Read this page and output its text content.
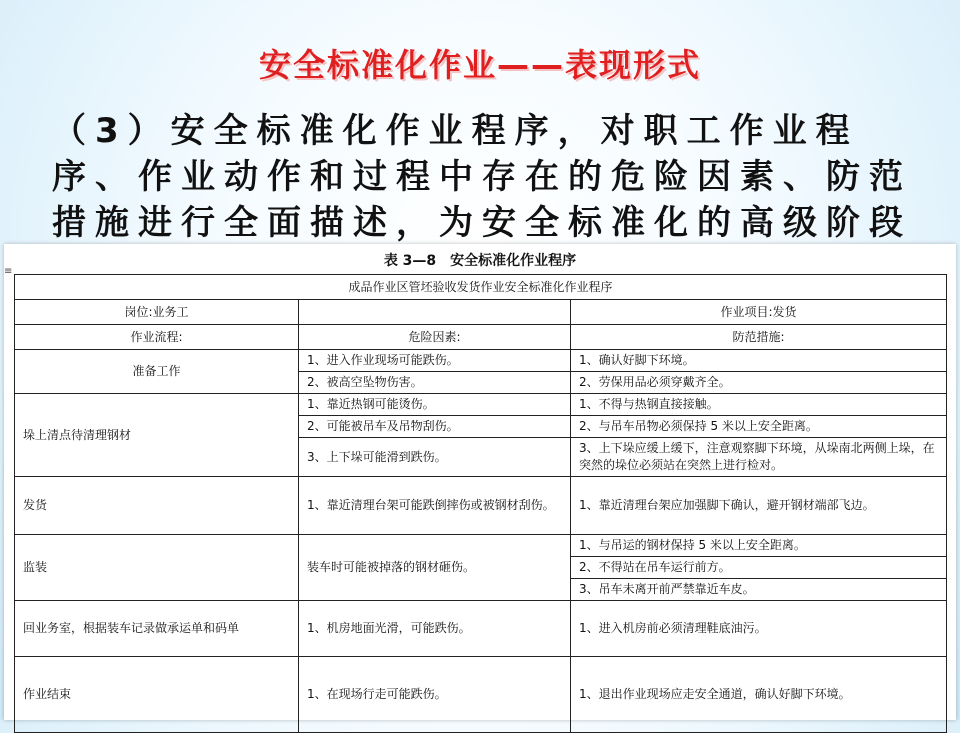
安全标准化作业——表现形式
（3）安全标准化作业程序，对职工作业程序、作业动作和过程中存在的危险因素、防范措施进行全面描述，为安全标准化的高级阶段
表 3—8　安全标准化作业程序
≡
成品作业区管坯验收发货作业安全标准化作业程序		
岗位:业务工		作业项目:发货
作业流程:	危险因素:	防范措施:
准备工作	1、进入作业现场可能跌伤。	1、确认好脚下环境。
	2、被高空坠物伤害。	2、劳保用品必须穿戴齐全。
垛上清点待清理钢材	1、靠近热钢可能烫伤。	1、不得与热钢直接接触。
	2、可能被吊车及吊物刮伤。	2、与吊车吊物必须保持 5 米以上安全距离。
	3、上下垛可能滑到跌伤。	3、上下垛应缓上缓下，注意观察脚下环境，从垛南北两侧上垛，在突然的垛位必须站在突然上进行检对。
发货	1、靠近清理台架可能跌倒摔伤或被钢材刮伤。	1、靠近清理台架应加强脚下确认，避开钢材端部飞边。
监装	装车时可能被掉落的钢材砸伤。	1、与吊运的钢材保持 5 米以上安全距离。
		2、不得站在吊车运行前方。
		3、吊车未离开前严禁靠近车皮。
回业务室，根据装车记录做承运单和码单	1、机房地面光滑，可能跌伤。	1、进入机房前必须清理鞋底油污。
作业结束	1、在现场行走可能跌伤。	1、退出作业现场应走安全通道，确认好脚下环境。
